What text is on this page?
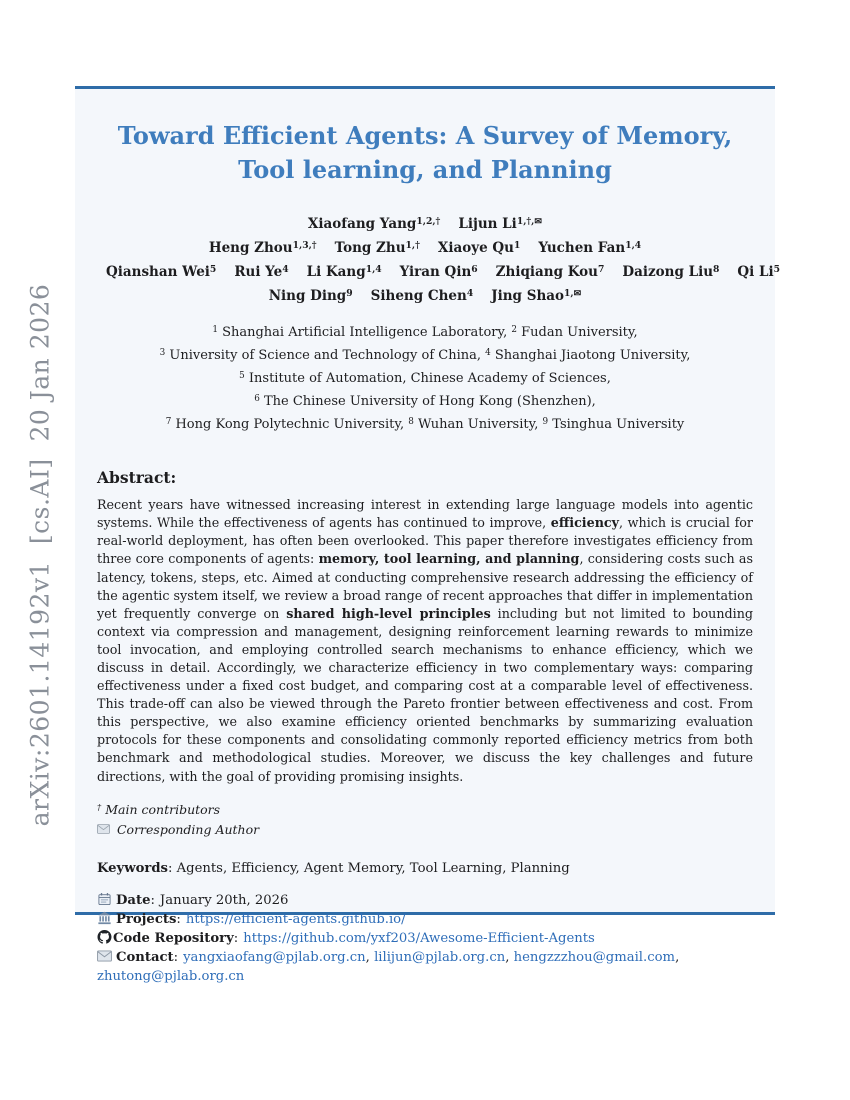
arXiv:2601.14192v1  [cs.AI]  20 Jan 2026
Toward Efficient Agents: A Survey of Memory,
Tool learning, and Planning
Xiaofang Yang$^{1,2,\dagger}$ Lijun $Li^{1,\dagger,✉}Heng$ Zhou$^{1,3,\dagger}$ Tong Zhu$^{1,\dagger}$ Xiaoye Qu$^1$ Yuchen Fan$^{1,4}$
Qianshan Wei$^5$ Rui Ye$^4$ Li Kang$^{1,4}$ Yiran Qin$^6$ Zhiqiang Kou$^7$ Daizong Liu$^8$ Qi Li$^5$
Ning Ding$^9$ Siheng Chen$^4$ Jing Shao$^{1,✉}$
$^1$ Shanghai Artificial Intelligence Laboratory, $^2$ Fudan University,
$^3$ University of Science and Technology of China, $^4$ Shanghai Jiaotong University,
$^5$ Institute of Automation, Chinese Academy of Sciences,
$^6$ The Chinese University of Hong Kong (Shenzhen),
$^7$ Hong Kong Polytechnic University, $^8$ Wuhan University, $^9$ Tsinghua University
Abstract:

Recent years have witnessed increasing interest in extending large language models into agentic systems. While the effectiveness of agents has continued to improve, efficiency, which is crucial for real-world deployment, has often been overlooked. This paper therefore investigates efficiency from three core components of agents: memory, tool learning, and planning, considering costs such as latency, tokens, steps, etc. Aimed at conducting comprehensive research addressing the efficiency of the agentic system itself, we review a broad range of recent approaches that differ in implementation yet frequently converge on shared high-level principles including but not limited to bounding context via compression and management, designing reinforcement learning rewards to minimize tool invocation, and employing controlled search mechanisms to enhance efficiency, which we discuss in detail. Accordingly, we characterize efficiency in two complementary ways: comparing effectiveness under a fixed cost budget, and comparing cost at a comparable level of effectiveness. This trade-off can also be viewed through the Pareto frontier between effectiveness and cost. From this perspective, we also examine efficiency oriented benchmarks by summarizing evaluation protocols for these components and consolidating commonly reported efficiency metrics from both benchmark and methodological studies. Moreover, we discuss the key challenges and future directions, with the goal of providing promising insights.

† Main contributors
Corresponding Author
Keywords: Agents, Efficiency, Agent Memory, Tool Learning, Planning
Date: January 20th, 2026
Projects: https://efficient-agents.github.io/
Code Repository: https://github.com/yxf203/Awesome-Efficient-Agents
Contact: yangxiaofang@pjlab.org.cn, lilijun@pjlab.org.cn, hengzzzhou@gmail.com, zhutong@pjlab.org.cn
